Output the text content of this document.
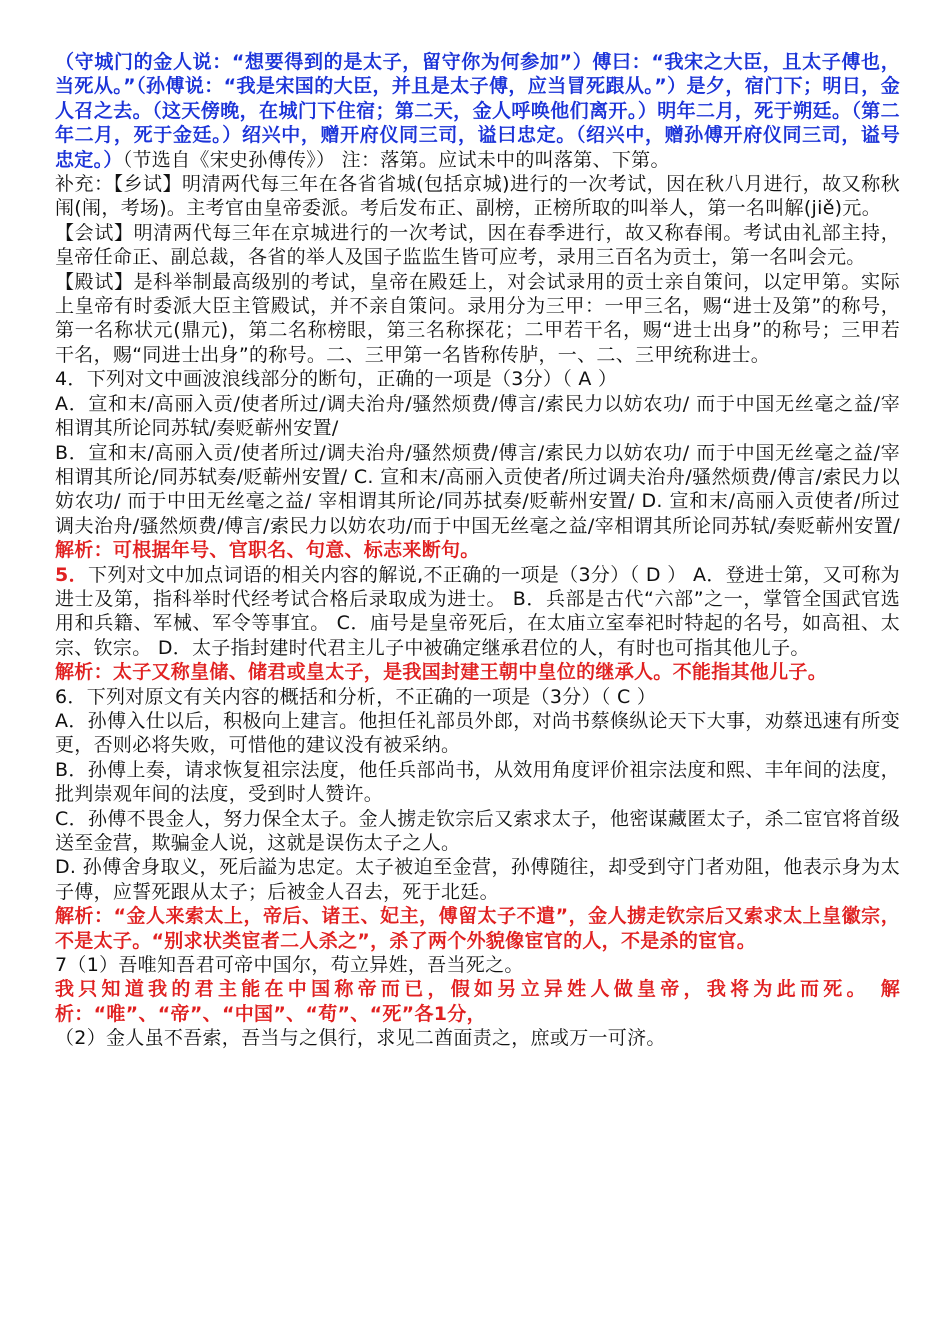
（守城门的金人说：“想要得到的是太子，留守你为何参加”）傅曰：“我宋之大臣，且太子傅也，当死从。”（孙傅说：“我是宋国的大臣，并且是太子傅，应当冒死跟从。”）是夕，宿门下；明日，金人召之去。（这天傍晚，在城门下住宿；第二天，金人呼唤他们离开。）明年二月，死于朔廷。（第二年二月，死于金廷。）绍兴中，赠开府仪同三司，谥曰忠定。（绍兴中，赠孙傅开府仪同三司，谥号忠定。）（节选自《宋史孙傅传》） 注：落第。应试未中的叫落第、下第。

补充：【乡试】明清两代每三年在各省省城(包括京城)进行的一次考试，因在秋八月进行，故又称秋闱(闱，考场)。主考官由皇帝委派。考后发布正、副榜，正榜所取的叫举人，第一名叫解(jiě)元。

【会试】明清两代每三年在京城进行的一次考试，因在春季进行，故又称春闱。考试由礼部主持，皇帝任命正、副总裁，各省的举人及国子监监生皆可应考，录用三百名为贡士，第一名叫会元。

【殿试】是科举制最高级别的考试，皇帝在殿廷上，对会试录用的贡士亲自策问，以定甲第。实际上皇帝有时委派大臣主管殿试，并不亲自策问。录用分为三甲：一甲三名，赐“进士及第”的称号，第一名称状元(鼎元)，第二名称榜眼，第三名称探花；二甲若干名，赐“进士出身”的称号；三甲若干名，赐“同进士出身”的称号。二、三甲第一名皆称传胪，一、二、三甲统称进士。

4．下列对文中画波浪线部分的断句，正确的一项是（3分）（ A ）

A．宣和末/高丽入贡/使者所过/调夫治舟/骚然烦费/傅言/索民力以妨农功/ 而于中国无丝毫之益/宰相谓其所论同苏轼/奏贬蕲州安置/

B．宣和末/高丽入贡/使者所过/调夫治舟/骚然烦费/傅言/索民力以妨农功/ 而于中国无丝毫之益/宰相谓其所论/同苏轼奏/贬蕲州安置/ C. 宣和末/高丽入贡使者/所过调夫治舟/骚然烦费/傅言/索民力以妨农功/ 而于中田无丝毫之益/ 宰相谓其所论/同苏拭奏/贬蕲州安置/ D. 宣和末/高丽入贡使者/所过调夫治舟/骚然烦费/傅言/索民力以妨农功/而于中国无丝毫之益/宰相谓其所论同苏轼/奏贬蕲州安置/解析：可根据年号、官职名、句意、标志来断句。

5．下列对文中加点词语的相关内容的解说,不正确的一项是（3分）（ D ） A．登进士第，又可称为进士及第，指科举时代经考试合格后录取成为进士。 B．兵部是古代“六部”之一，掌管全国武官选用和兵籍、军械、军令等事宜。 C．庙号是皇帝死后，在太庙立室奉祀时特起的名号，如高祖、太宗、钦宗。 D．太子指封建时代君主儿子中被确定继承君位的人，有时也可指其他儿子。

解析：太子又称皇储、储君或皇太子，是我国封建王朝中皇位的继承人。不能指其他儿子。

6．下列对原文有关内容的概括和分析，不正确的一项是（3分）（ C ）

A．孙傅入仕以后，积极向上建言。他担任礼部员外郎，对尚书蔡倏纵论天下大事，劝蔡迅速有所变更，否则必将失败，可惜他的建议没有被采纳。

B．孙傅上奏，请求恢复祖宗法度，他任兵部尚书，从效用角度评价祖宗法度和熙、丰年间的法度，批判崇观年间的法度，受到时人赞许。

C．孙傅不畏金人，努力保全太子。金人掳走钦宗后又索求太子，他密谋藏匿太子，杀二宦官将首级送至金营，欺骗金人说，这就是误伤太子之人。

D. 孙傅舍身取义，死后謚为忠定。太子被迫至金营，孙傅随往，却受到守门者劝阻，他表示身为太子傅，应誓死跟从太子；后被金人召去，死于北廷。

解析：“金人来索太上，帝后、诸王、妃主，傅留太子不遣”，金人掳走钦宗后又索求太上皇徽宗，不是太子。“别求状类宦者二人杀之”，杀了两个外貌像宦官的人，不是杀的宦官。

7（1）吾唯知吾君可帝中国尔，苟立异姓，吾当死之。

我只知道我的君主能在中国称帝而已，假如另立异姓人做皇帝，我将为此而死。 解析：“唯”、“帝”、“中国”、“苟”、“死”各1分，

（2）金人虽不吾索，吾当与之俱行，求见二酋面责之，庶或万一可济。
